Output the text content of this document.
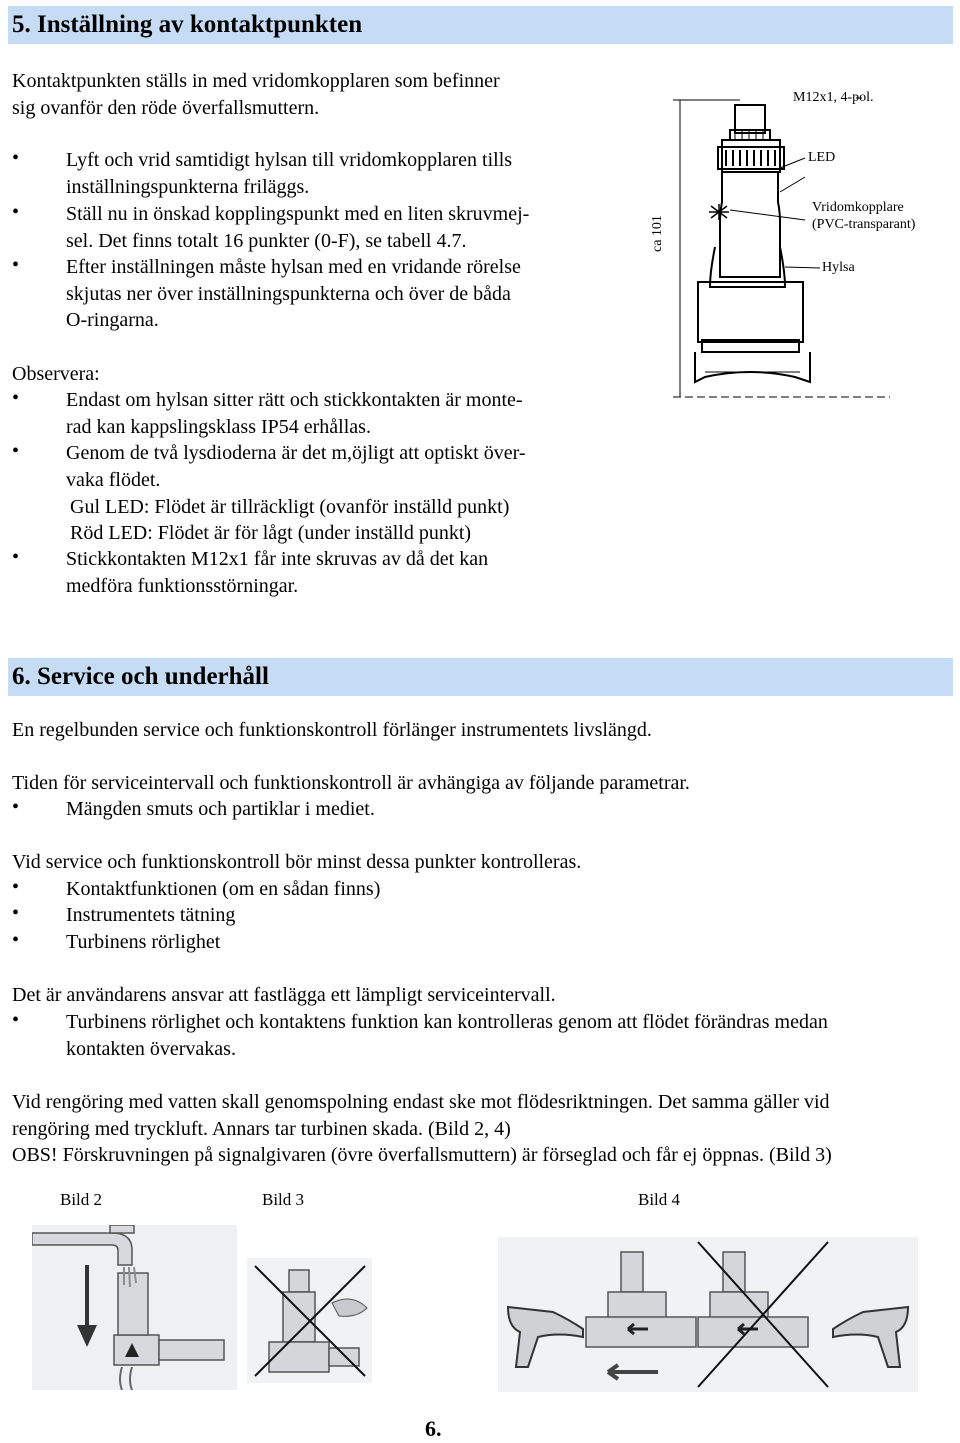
5. Inställning av kontaktpunkten
Kontaktpunkten ställs in med vridomkopplaren som befinner
sig ovanför den röde överfallsmuttern.
• Lyft och vrid samtidigt hylsan till vridomkopplaren tills
inställningspunkterna friläggs.
• Ställ nu in önskad kopplingspunkt med en liten skruvmej-
sel. Det finns totalt 16 punkter (0-F), se tabell 4.7.
• Efter inställningen måste hylsan med en vridande rörelse
skjutas ner över inställningspunkterna och över de båda
O-ringarna.
Observera:
• Endast om hylsan sitter rätt och stickkontakten är monte-
rad kan kappslingsklass IP54 erhållas.
• Genom de två lysdioderna är det m,öjligt att optiskt över-
vaka flödet.
Gul LED: Flödet är tillräckligt (ovanför inställd punkt)
Röd LED: Flödet är för lågt (under inställd punkt)
• Stickkontakten M12x1 får inte skruvas av då det kan
medföra funktionsstörningar.
ca 101
M12x1, 4-pol.
LED
Vridomkopplare
(PVC-transparant)
Hylsa
6. Service och underhåll
En regelbunden service och funktionskontroll förlänger instrumentets livslängd.
Tiden för serviceintervall och funktionskontroll är avhängiga av följande parametrar.
• Mängden smuts och partiklar i mediet.
Vid service och funktionskontroll bör minst dessa punkter kontrolleras.
• Kontaktfunktionen (om en sådan finns)
• Instrumentets tätning
• Turbinens rörlighet
Det är användarens ansvar att fastlägga ett lämpligt serviceintervall.
• Turbinens rörlighet och kontaktens funktion kan kontrolleras genom att flödet förändras medan
kontakten övervakas.
Vid rengöring med vatten skall genomspolning endast ske mot flödesriktningen. Det samma gäller vid
rengöring med tryckluft. Annars tar turbinen skada. (Bild 2, 4)
OBS! Förskruvningen på signalgivaren (övre överfallsmuttern) är förseglad och får ej öppnas. (Bild 3)
Bild 2	Bild 3	Bild 4
6.
